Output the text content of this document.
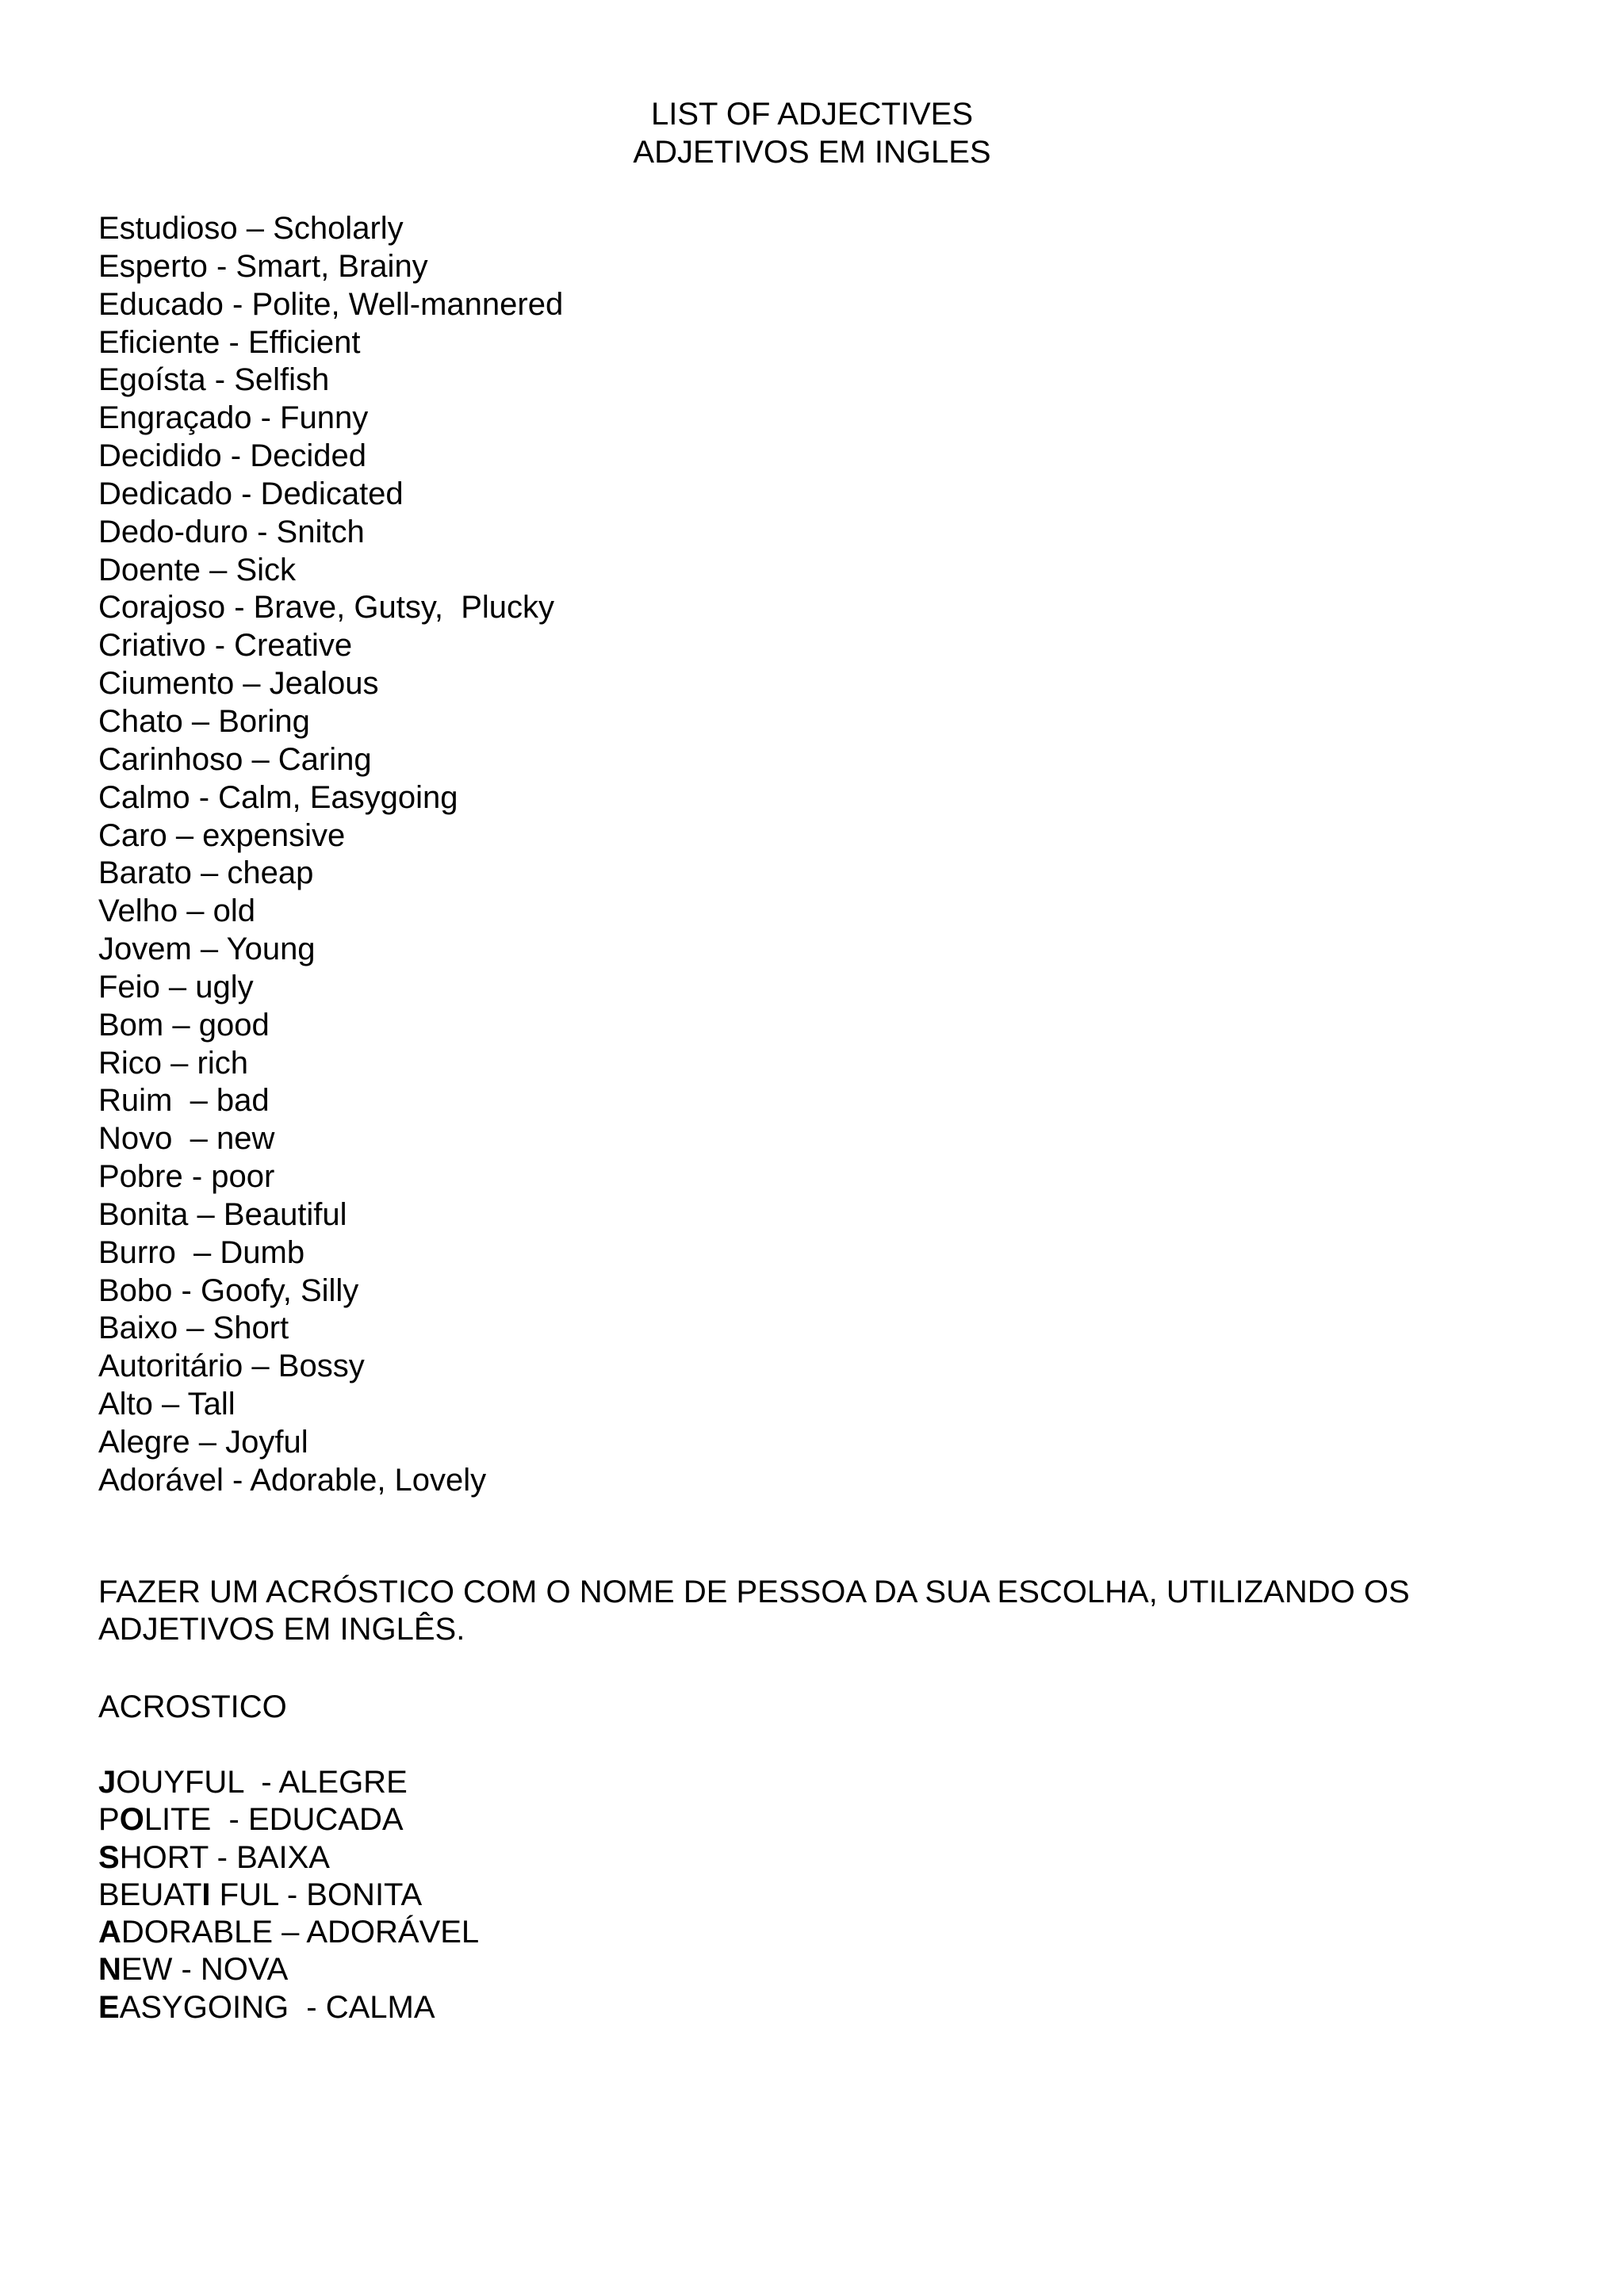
LIST OF ADJECTIVES
ADJETIVOS EM INGLES
Estudioso – Scholarly
Esperto - Smart, Brainy
Educado - Polite, Well-mannered
Eficiente - Efficient
Egoísta - Selfish
Engraçado - Funny
Decidido - Decided
Dedicado - Dedicated
Dedo-duro - Snitch
Doente – Sick
Corajoso - Brave, Gutsy,  Plucky
Criativo - Creative
Ciumento – Jealous
Chato – Boring
Carinhoso – Caring
Calmo - Calm, Easygoing
Caro – expensive
Barato – cheap
Velho – old
Jovem – Young
Feio – ugly
Bom – good
Rico – rich
Ruim  – bad
Novo  – new
Pobre - poor
Bonita – Beautiful
Burro  – Dumb
Bobo - Goofy, Silly
Baixo – Short
Autoritário – Bossy
Alto – Tall
Alegre – Joyful
Adorável - Adorable, Lovely
FAZER UM ACRÓSTICO COM O NOME DE PESSOA DA SUA ESCOLHA, UTILIZANDO OS
ADJETIVOS EM INGLÊS.
ACROSTICO
JOUYFUL  - ALEGRE
POLITE  - EDUCADA
SHORT - BAIXA
BEUATI FUL - BONITA
ADORABLE – ADORÁVEL
NEW - NOVA
EASYGOING  - CALMA
